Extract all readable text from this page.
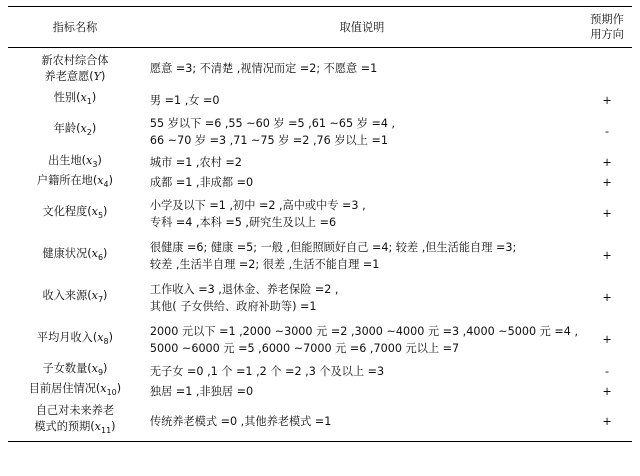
指标名称	取值说明	预期作
用方向

新农村综合体
养老意愿(Y)	愿意 =3; 不清楚 ,视情况而定 =2; 不愿意 =1	

性别$(x_1)$	男 =1 ,女 =0	+

年龄$(x_2)$	55 岁以下 =6 ,55 ~60 岁 =5 ,61 ~65 岁 =4 ,
66 ~70 岁 =3 ,71 ~75 岁 =2 ,76 岁以上 =1	-

出生地$(x_3)$	城市 =1 ,农村 =2	+

户籍所在地$(x_4)$	成都 =1 ,非成都 =0	+

文化程度$(x_5)$	小学及以下 =1 ,初中 =2 ,高中或中专 =3 ,
专科 =4 ,本科 =5 ,研究生及以上 =6	+

健康状况$(x_6)$	很健康 =6; 健康 =5; 一般 ,但能照顾好自己 =4; 较差 ,但生活能自理 =3;
较差 ,生活半自理 =2; 很差 ,生活不能自理 =1	+

收入来源$(x_7)$	工作收入 =3 ,退休金、养老保险 =2 ,
其他( 子女供给、政府补助等) =1	+

平均月收入$(x_8)$	2000 元以下 =1 ,2000 ~3000 元 =2 ,3000 ~4000 元 =3 ,4000 ~5000 元 =4 ,
5000 ~6000 元 =5 ,6000 ~7000 元 =6 ,7000 元以上 =7	+

子女数量$(x_9)$	无子女 =0 ,1 个 =1 ,2 个 =2 ,3 个及以上 =3	-

目前居住情况$(x_{10})$	独居 =1 ,非独居 =0	+

自己对未来养老
模式的预期$(x_{11})$	传统养老模式 =0 ,其他养老模式 =1	+
